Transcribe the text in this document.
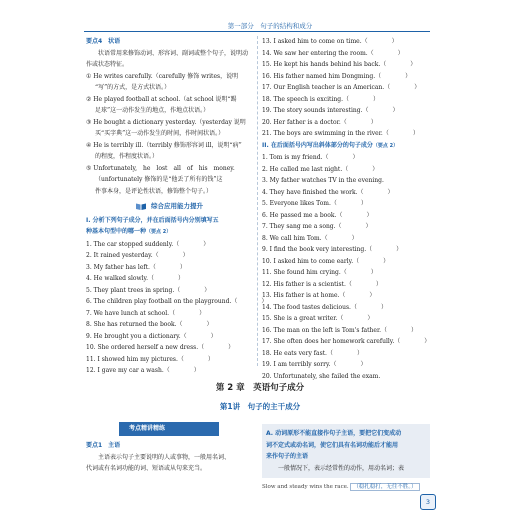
第一部分　句子的结构和成分
要点4　状语
状语常用来修饰动词、形容词、副词或整个句子，说明动作或状态特征。
① He writes carefully.（carefully 修饰 writes，说明
“写”的方式，是方式状语。）
② He played football at school.（at school 说明“踢
足球”这一动作发生的地点，作地点状语。）
③ He bought a dictionary yesterday.（yesterday 说明
买“买字典”这一动作发生的时间，作时间状语。）
④ He is terribly ill.（terribly 修饰形容词 ill，说明“病”
的程度，作程度状语。）
⑤ Unfortunately,　he　lost　all　of　his　money.
（unfortunately 修饰的是“他丢了所有的钱”这
件事本身，是评论性状语，修饰整个句子。）
综合应用能力提升
I. 分析下列句子成分，并在后面括号内分别填写五
种基本句型中的哪一种（要点 2）
1. The car stopped suddenly.（　　　　）
2. It rained yesterday.（　　　　）
3. My father has left.（　　　　）
4. He walked slowly.（　　　　）
5. They plant trees in spring.（　　　　）
6. The children play football on the playground.（　　　　）
7. We have lunch at school.（　　　　）
8. She has returned the book.（　　　　）
9. He brought you a dictionary.（　　　　）
10. She ordered herself a new dress.（　　　　）
11. I showed him my pictures.（　　　　）
12. I gave my car a wash.（　　　　）
13. I asked him to come on time.（　　　　）
14. We saw her entering the room.（　　　　）
15. He kept his hands behind his back.（　　　　）
16. His father named him Dongming.（　　　　）
17. Our English teacher is an American.（　　　　）
18. The speech is exciting.（　　　　）
19. The story sounds interesting.（　　　　）
20. Her father is a doctor.（　　　　）
21. The boys are swimming in the river.（　　　　）
II. 在后面括号内写出斜体部分的句子成分（要点 2）
1. Tom is my friend.（　　　　）
2. He called me last night.（　　　　）
3. My father watches TV in the evening.
4. They have finished the work.（　　　　）
5. Everyone likes Tom.（　　　　）
6. He passed me a book.（　　　　）
7. They sang me a song.（　　　　）
8. We call him Tom.（　　　　）
9. I find the book very interesting.（　　　　）
10. I asked him to come early.（　　　　）
11. She found him crying.（　　　　）
12. His father is a scientist.（　　　　）
13. His father is at home.（　　　　）
14. The food tastes delicious.（　　　　）
15. She is a great writer.（　　　　）
16. The man on the left is Tom's father.（　　　　）
17. She often does her homework carefully.（　　　　）
18. He eats very fast.（　　　　）
19. I am terribly sorry.（　　　　）
20. Unfortunately, she failed the exam.
第 2 章　英语句子成分
第1讲　句子的主干成分
考点精讲精练
要点1　主语
主语表示句子主要说明的人或事物，一般用名词、
代词或有名词功能的词、短语或从句来充当。
A. 动词原形不能直接作句子主语，要把它们变成动
词不定式或动名词，使它们具有名词功能后才能用
来作句子的主语
一般情况下，表示经常性的动作，用动名词；表
Slow and steady wins the race. （稳扎稳打，无往不胜。）
3
